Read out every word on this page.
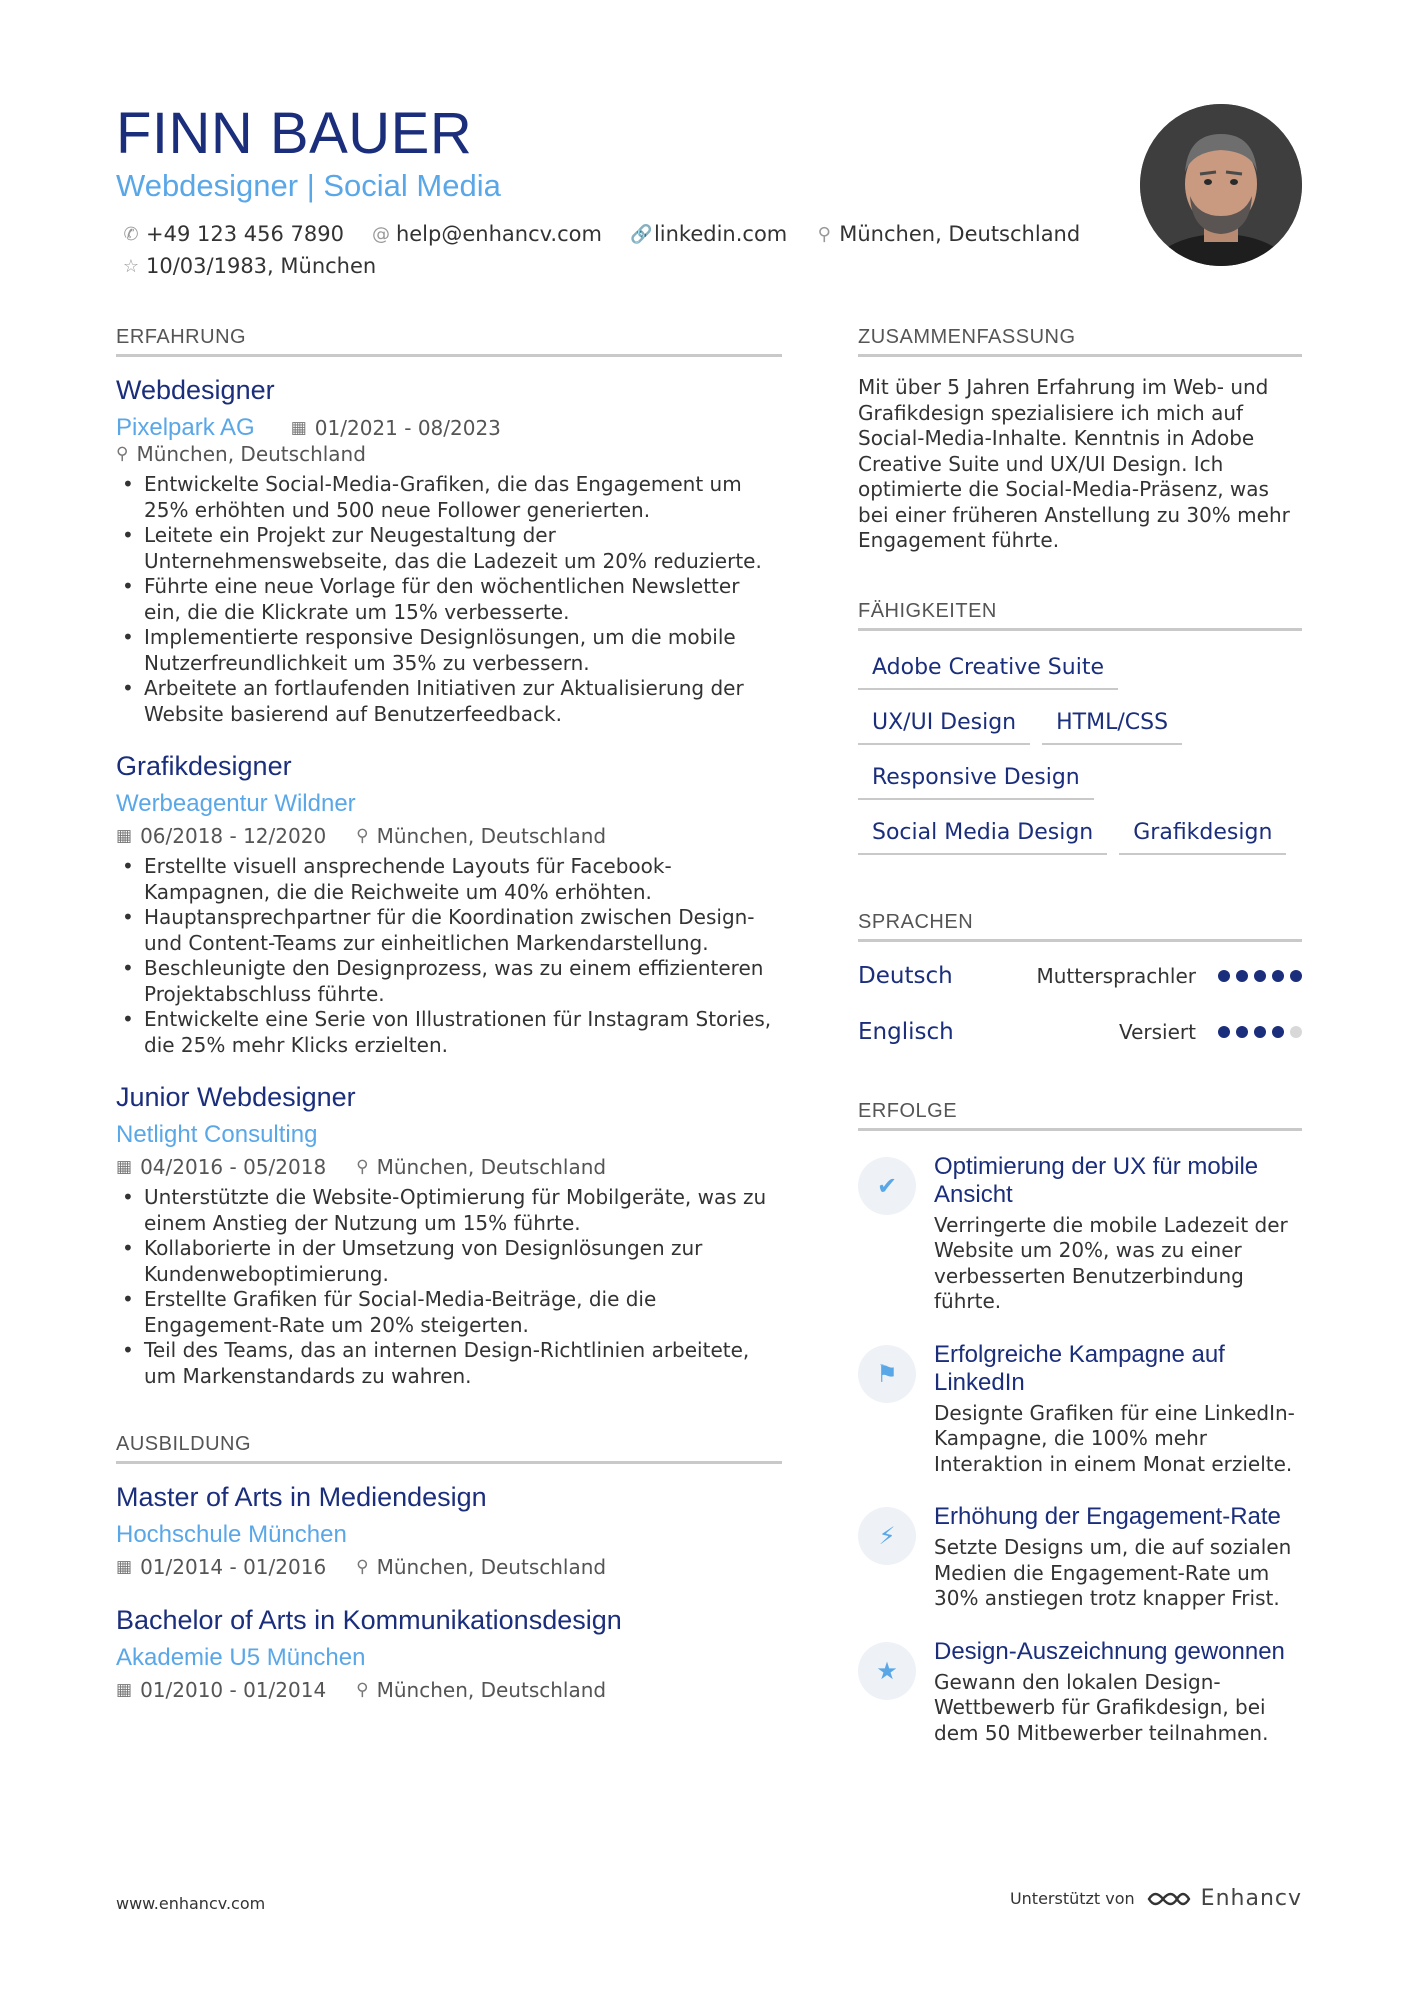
FINN BAUER
Webdesigner | Social Media
✆ +49 123 456 7890 @ help@enhancv.com 🔗 linkedin.com ⚲ München, Deutschland
☆ 10/03/1983, München
ERFAHRUNG
Webdesigner
Pixelpark AG ▦ 01/2021 - 08/2023
⚲ München, Deutschland
• Entwickelte Social-Media-Grafiken, die das Engagement um 25% erhöhten und 500 neue Follower generierten.
• Leitete ein Projekt zur Neugestaltung der Unternehmenswebseite, das die Ladezeit um 20% reduzierte.
• Führte eine neue Vorlage für den wöchentlichen Newsletter ein, die die Klickrate um 15% verbesserte.
• Implementierte responsive Designlösungen, um die mobile Nutzerfreundlichkeit um 35% zu verbessern.
• Arbeitete an fortlaufenden Initiativen zur Aktualisierung der Website basierend auf Benutzerfeedback.
Grafikdesigner
Werbeagentur Wildner
▦ 06/2018 - 12/2020 ⚲ München, Deutschland
• Erstellte visuell ansprechende Layouts für Facebook-Kampagnen, die die Reichweite um 40% erhöhten.
• Hauptansprechpartner für die Koordination zwischen Design- und Content-Teams zur einheitlichen Markendarstellung.
• Beschleunigte den Designprozess, was zu einem effizienteren Projektabschluss führte.
• Entwickelte eine Serie von Illustrationen für Instagram Stories, die 25% mehr Klicks erzielten.
Junior Webdesigner
Netlight Consulting
▦ 04/2016 - 05/2018 ⚲ München, Deutschland
• Unterstützte die Website-Optimierung für Mobilgeräte, was zu einem Anstieg der Nutzung um 15% führte.
• Kollaborierte in der Umsetzung von Designlösungen zur Kundenweboptimierung.
• Erstellte Grafiken für Social-Media-Beiträge, die die Engagement-Rate um 20% steigerten.
• Teil des Teams, das an internen Design-Richtlinien arbeitete, um Markenstandards zu wahren.
AUSBILDUNG
Master of Arts in Mediendesign
Hochschule München
▦ 01/2014 - 01/2016 ⚲ München, Deutschland
Bachelor of Arts in Kommunikationsdesign
Akademie U5 München
▦ 01/2010 - 01/2014 ⚲ München, Deutschland
ZUSAMMENFASSUNG

Mit über 5 Jahren Erfahrung im Web- und Grafikdesign spezialisiere ich mich auf Social-Media-Inhalte. Kenntnis in Adobe Creative Suite und UX/UI Design. Ich optimierte die Social-Media-Präsenz, was bei einer früheren Anstellung zu 30% mehr Engagement führte.

FÄHIGKEITEN
Adobe Creative Suite
UX/UI Design	HTML/CSS
Responsive Design
Social Media Design	Grafikdesign
SPRACHEN
Deutsch	Muttersprachler
Englisch	Versiert
ERFOLGE
✔
Optimierung der UX für mobile Ansicht
Verringerte die mobile Ladezeit der Website um 20%, was zu einer verbesserten Benutzerbindung führte.
⚑
Erfolgreiche Kampagne auf LinkedIn
Designte Grafiken für eine LinkedIn-Kampagne, die 100% mehr Interaktion in einem Monat erzielte.
⚡
Erhöhung der Engagement-Rate
Setzte Designs um, die auf sozialen Medien die Engagement-Rate um 30% anstiegen trotz knapper Frist.
★
Design-Auszeichnung gewonnen
Gewann den lokalen Design-Wettbewerb für Grafikdesign, bei dem 50 Mitbewerber teilnahmen.
www.enhancv.com	Unterstützt von	Enhancv
